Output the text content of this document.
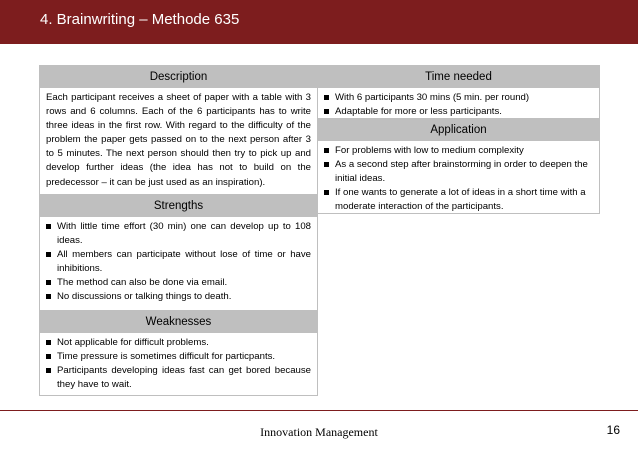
4. Brainwriting – Methode 635
Description
Each participant receives a sheet of paper with a table with 3 rows and 6 columns. Each of the 6 participants has to write three ideas in the first row. With regard to the difficulty of the problem the paper gets passed on to the next person after 3 to 5 minutes. The next person should then try to pick up and develop further ideas (the idea has not to build on the predecessor – it can be just used as an inspiration).
Strengths
With little time effort (30 min) one can develop up to 108 ideas.
All members can participate without lose of time or have inhibitions.
The method can also be done via email.
No discussions or talking things to death.
Weaknesses
Not applicable for difficult problems.
Time pressure is sometimes difficult for particpants.
Participants developing ideas fast can get bored because they have to wait.
Time needed
With 6 participants 30 mins (5 min. per round)
Adaptable for more or less participants.
Application
For problems with low to medium complexity
As a second step after brainstorming in order to deepen the initial ideas.
If one wants to generate a lot of ideas in a short time with a moderate interaction of the participants.
Innovation Management	16
